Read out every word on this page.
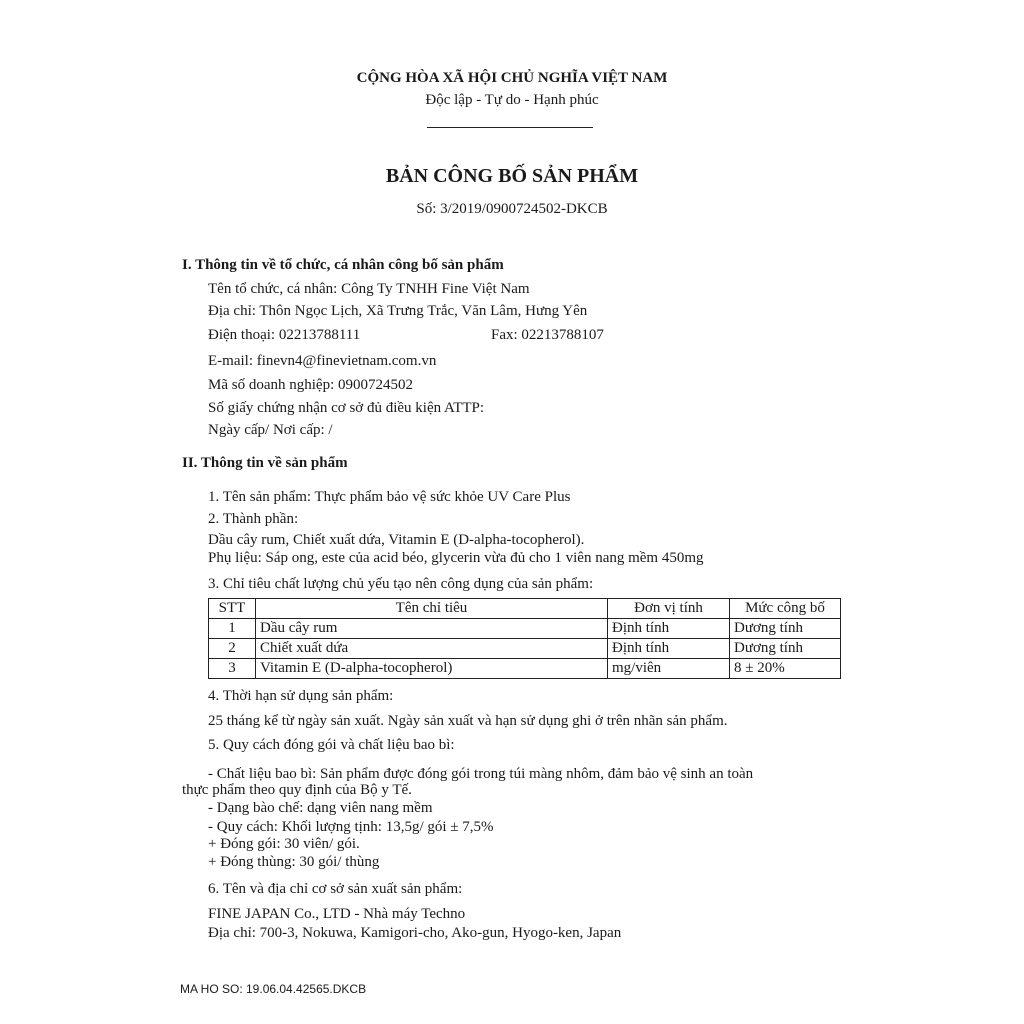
CỘNG HÒA XÃ HỘI CHỦ NGHĨA VIỆT NAM
Độc lập - Tự do - Hạnh phúc
BẢN CÔNG BỐ SẢN PHẨM
Số: 3/2019/0900724502-DKCB
I. Thông tin về tổ chức, cá nhân công bố sản phẩm
Tên tổ chức, cá nhân: Công Ty TNHH Fine Việt Nam
Địa chỉ: Thôn Ngọc Lịch, Xã Trưng Trắc, Văn Lâm, Hưng Yên
Điện thoại: 02213788111	Fax: 02213788107
E-mail: finevn4@finevietnam.com.vn
Mã số doanh nghiệp: 0900724502
Số giấy chứng nhận cơ sở đủ điều kiện ATTP:
Ngày cấp/ Nơi cấp: /
II. Thông tin về sản phẩm
1. Tên sản phẩm: Thực phẩm bảo vệ sức khỏe UV Care Plus
2. Thành phần:
Dầu cây rum, Chiết xuất dứa, Vitamin E (D-alpha-tocopherol).
Phụ liệu: Sáp ong, este của acid béo, glycerin vừa đủ cho 1 viên nang mềm 450mg
3. Chỉ tiêu chất lượng chủ yếu tạo nên công dụng của sản phẩm:
STT	Tên chỉ tiêu	Đơn vị tính	Mức công bố
1	Dầu cây rum	Định tính	Dương tính
2	Chiết xuất dứa	Định tính	Dương tính
3	Vitamin E (D-alpha-tocopherol)	mg/viên	8 ± 20%
4. Thời hạn sử dụng sản phẩm:
25 tháng kể từ ngày sản xuất. Ngày sản xuất và hạn sử dụng ghi ở trên nhãn sản phẩm.
5. Quy cách đóng gói và chất liệu bao bì:
- Chất liệu bao bì: Sản phẩm được đóng gói trong túi màng nhôm, đảm bảo vệ sinh an toàn
thực phẩm theo quy định của Bộ y Tế.
- Dạng bào chế: dạng viên nang mềm
- Quy cách: Khối lượng tịnh: 13,5g/ gói ± 7,5%
+ Đóng gói: 30 viên/ gói.
+ Đóng thùng: 30 gói/ thùng
6. Tên và địa chỉ cơ sở sản xuất sản phẩm:
FINE JAPAN Co., LTD - Nhà máy Techno
Địa chỉ: 700-3, Nokuwa, Kamigori-cho, Ako-gun, Hyogo-ken, Japan
MA HO SO: 19.06.04.42565.DKCB
